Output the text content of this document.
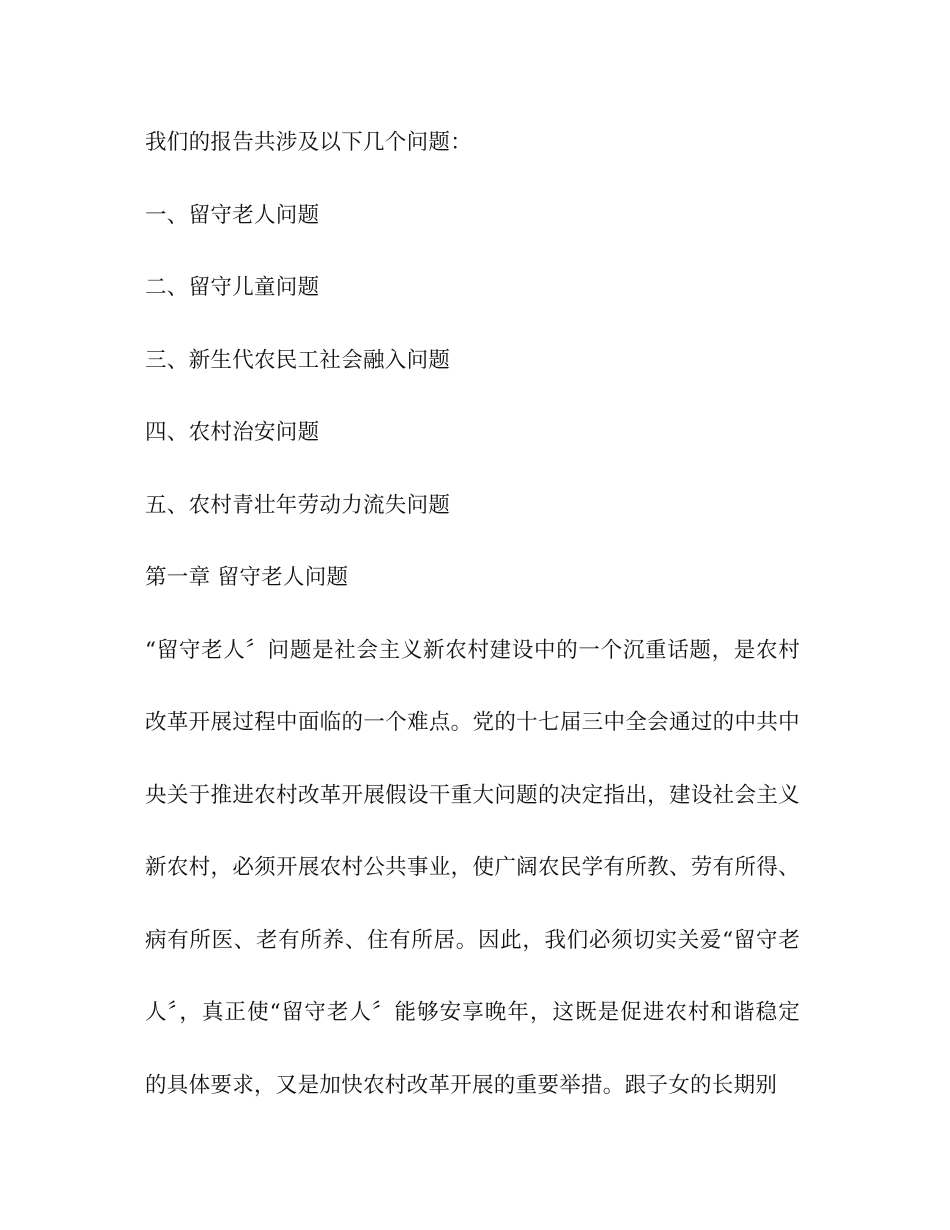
我们的报告共涉及以下几个问题：
一、留守老人问题
二、留守儿童问题
三、新生代农民工社会融入问题
四、农村治安问题
五、农村青壮年劳动力流失问题
第一章 留守老人问题
“留守老人〞问题是社会主义新农村建设中的一个沉重话题，是农村
改革开展过程中面临的一个难点。党的十七届三中全会通过的中共中
央关于推进农村改革开展假设干重大问题的决定指出，建设社会主义
新农村，必须开展农村公共事业，使广阔农民学有所教、劳有所得、
病有所医、老有所养、住有所居。因此，我们必须切实关爱“留守老
人〞，真正使“留守老人〞能够安享晚年，这既是促进农村和谐稳定
的具体要求，又是加快农村改革开展的重要举措。跟子女的长期别
